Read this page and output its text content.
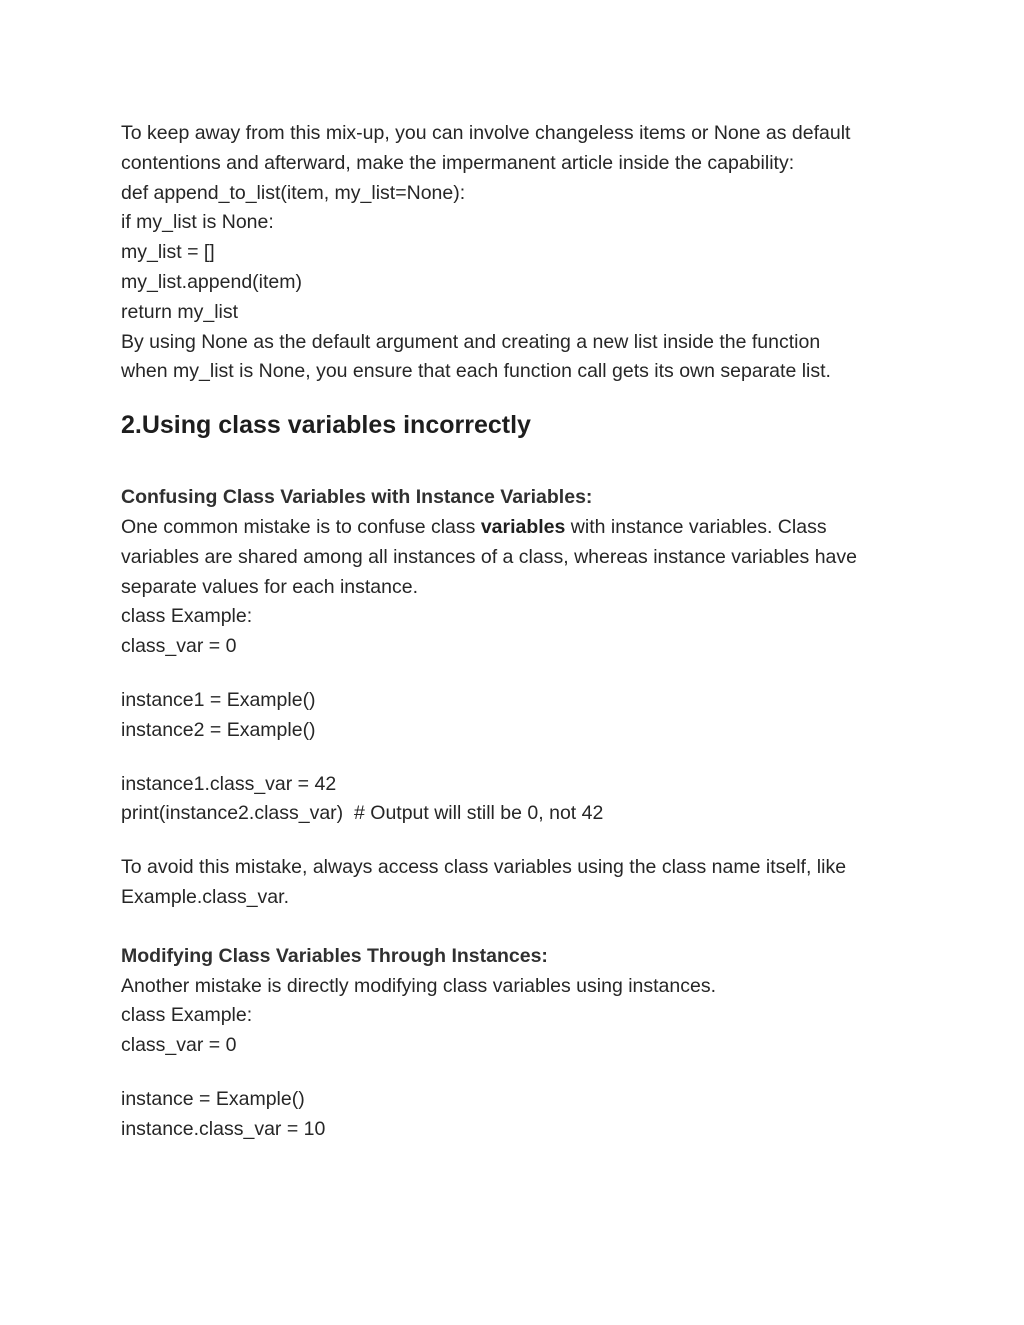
To keep away from this mix-up, you can involve changeless items or None as default

contentions and afterward, make the impermanent article inside the capability:

def append_to_list(item, my_list=None):

if my_list is None:

my_list = []

my_list.append(item)

return my_list

By using None as the default argument and creating a new list inside the function

when my_list is None, you ensure that each function call gets its own separate list.

2.Using class variables incorrectly

Confusing Class Variables with Instance Variables:

One common mistake is to confuse class variables with instance variables. Class

variables are shared among all instances of a class, whereas instance variables have

separate values for each instance.

class Example:

class_var = 0

instance1 = Example()

instance2 = Example()

instance1.class_var = 42

print(instance2.class_var)  # Output will still be 0, not 42

To avoid this mistake, always access class variables using the class name itself, like

Example.class_var.

Modifying Class Variables Through Instances:

Another mistake is directly modifying class variables using instances.

class Example:

class_var = 0

instance = Example()

instance.class_var = 10
